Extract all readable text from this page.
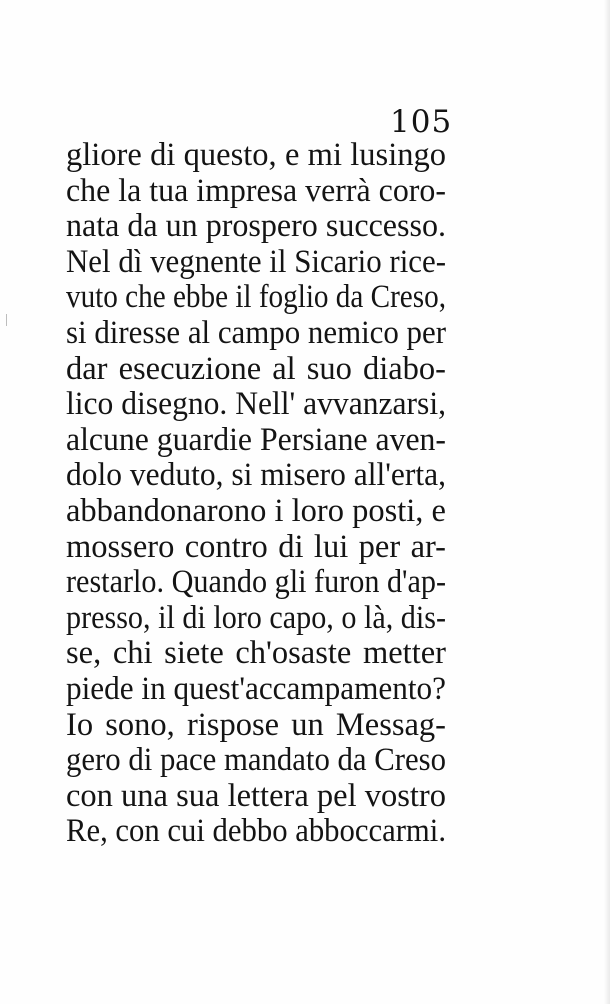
105
gliore di questo, e mi lusingo
che la tua impresa verrà coro-
nata da un prospero successo.
Nel dì vegnente il Sicario rice-
vuto che ebbe il foglio da Creso,
si diresse al campo nemico per
dar esecuzione al suo diabo-
lico disegno. Nell' avvanzarsi,
alcune guardie Persiane aven-
dolo veduto, si misero all'erta,
abbandonarono i loro posti, e
mossero contro di lui per ar-
restarlo. Quando gli furon d'ap-
presso, il di loro capo, o là, dis-
se, chi siete ch'osaste metter
piede in quest'accampamento?
Io sono, rispose un Messag-
gero di pace mandato da Creso
con una sua lettera pel vostro
Re, con cui debbo abboccarmi.
